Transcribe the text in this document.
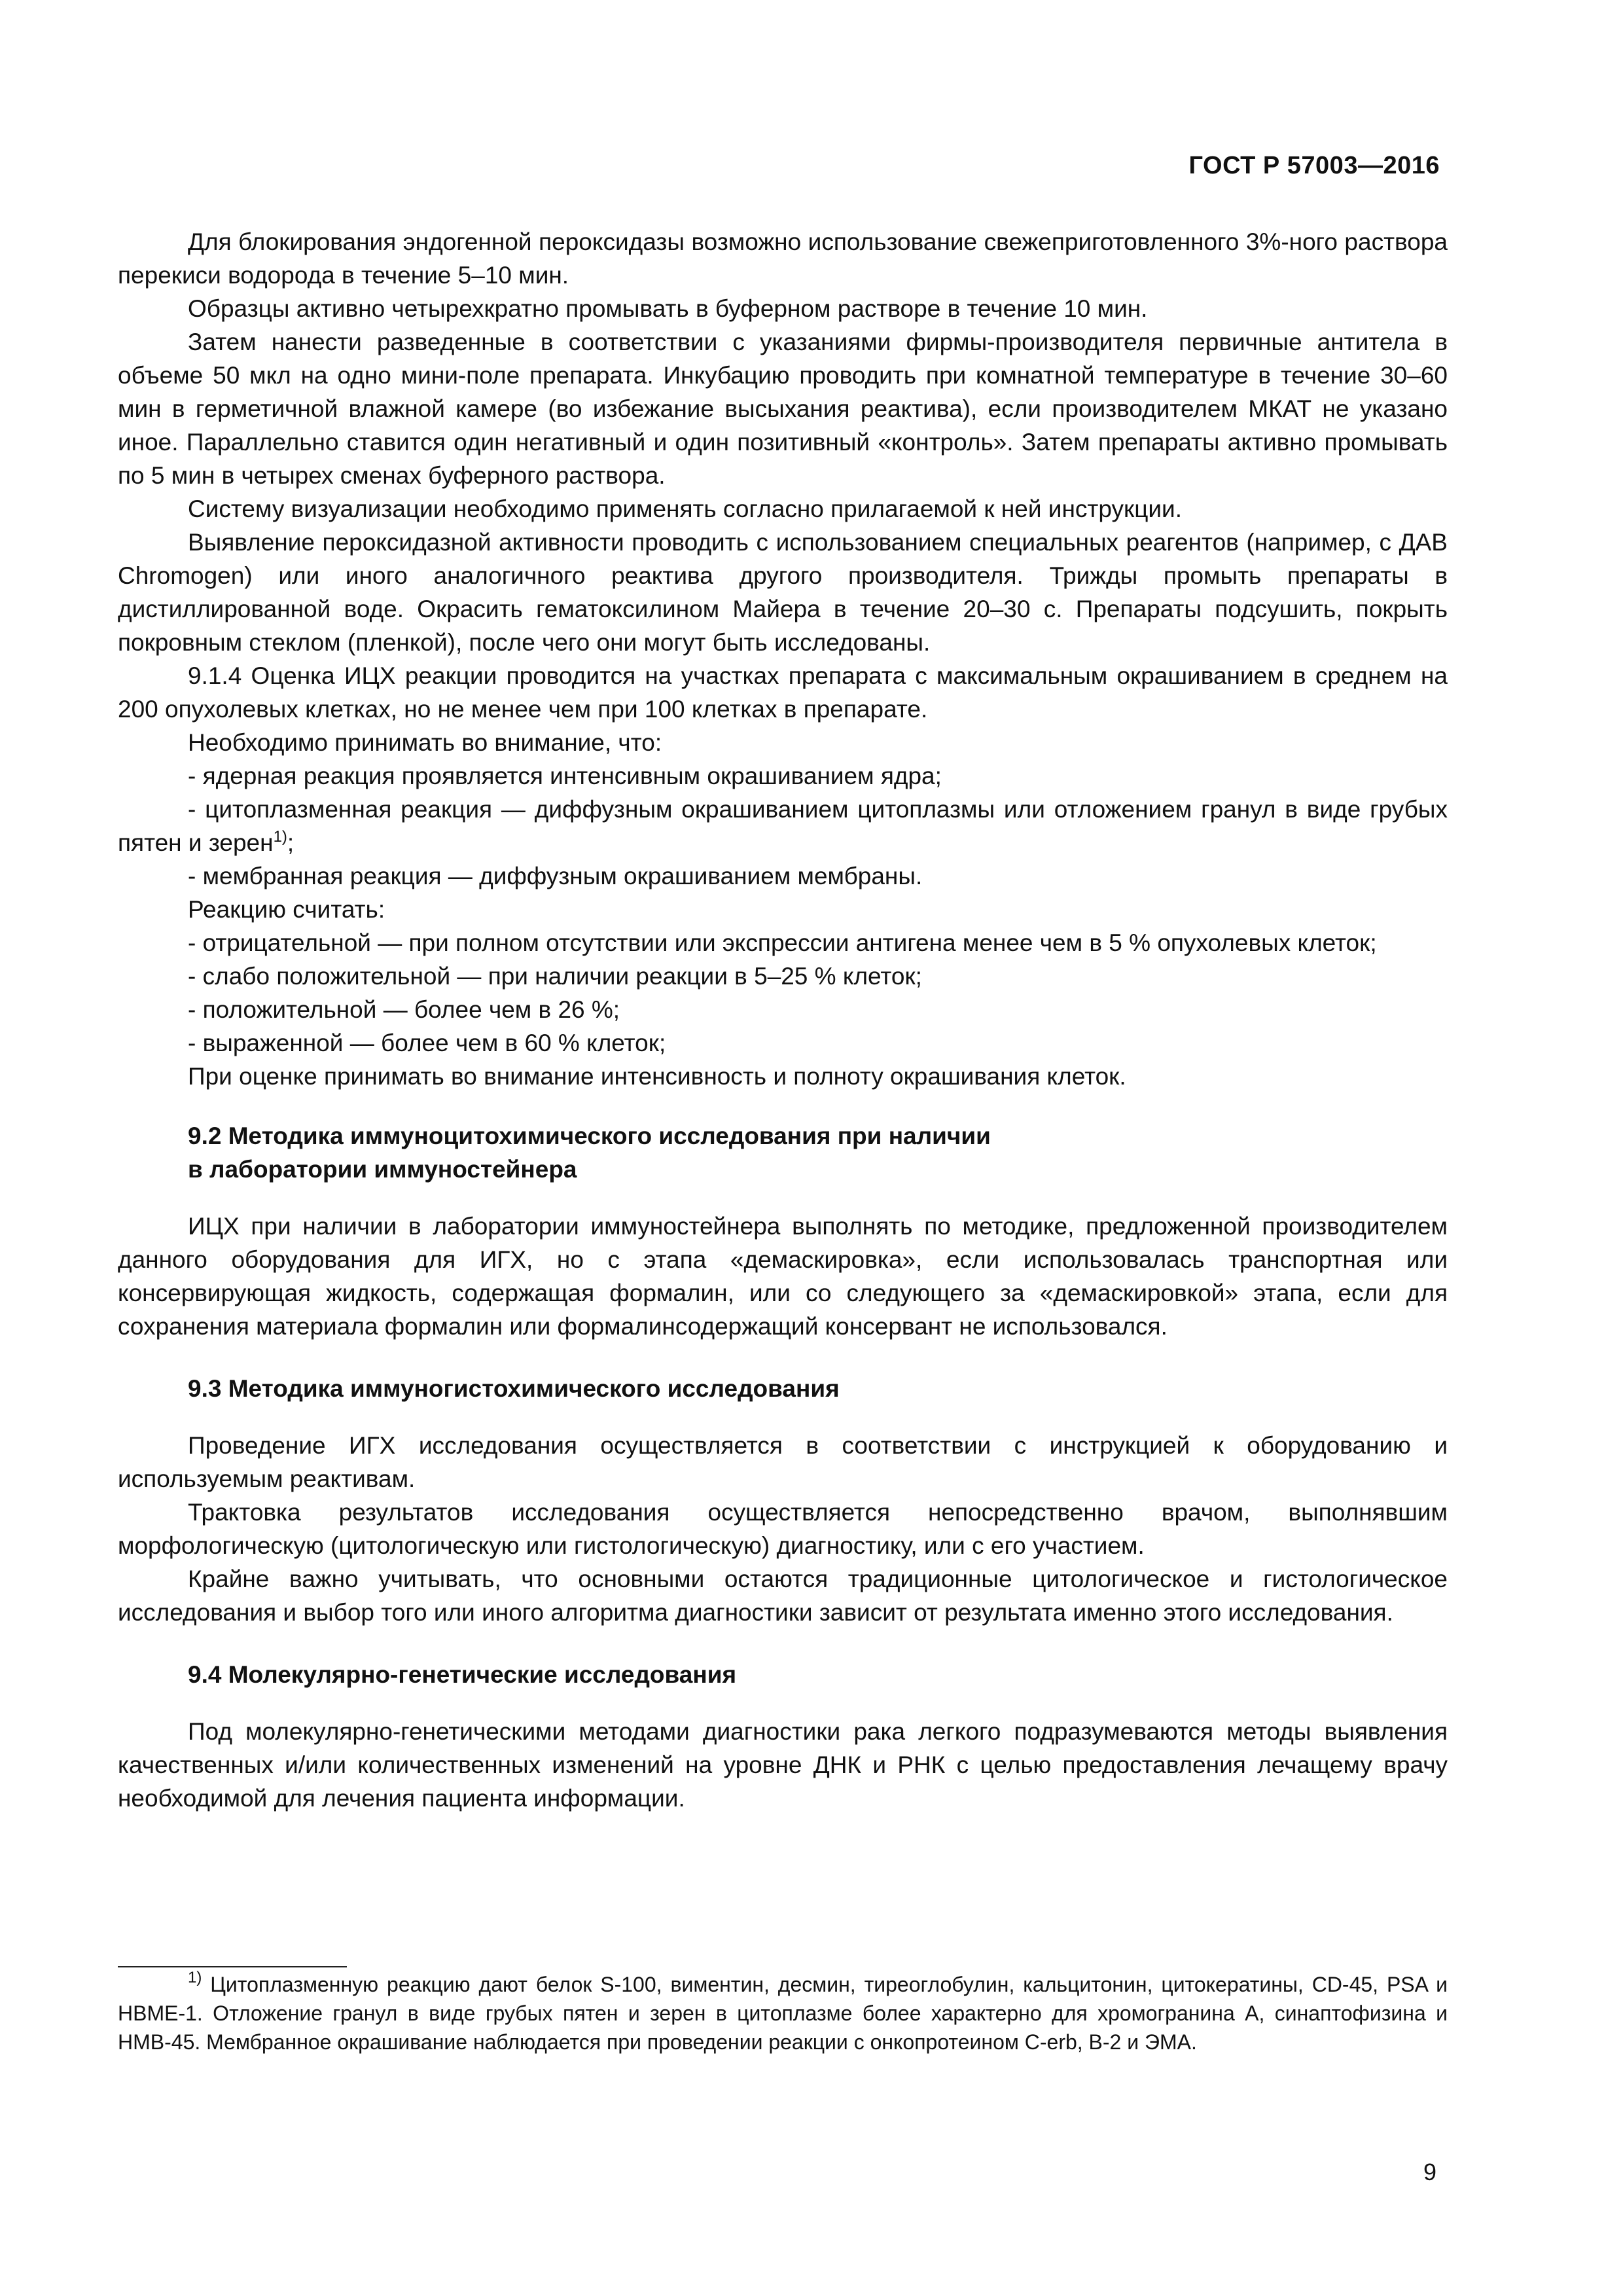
ГОСТ Р 57003—2016

Для блокирования эндогенной пероксидазы возможно использование свежеприготовленного 3%-ного раствора перекиси водорода в течение 5–10 мин.

Образцы активно четырехкратно промывать в буферном растворе в течение 10 мин.

Затем нанести разведенные в соответствии с указаниями фирмы-производителя первичные антитела в объеме 50 мкл на одно мини-поле препарата. Инкубацию проводить при комнатной температуре в течение 30–60 мин в герметичной влажной камере (во избежание высыхания реактива), если производителем МКАТ не указано иное. Параллельно ставится один негативный и один позитивный «контроль». Затем препараты активно промывать по 5 мин в четырех сменах буферного раствора.

Систему визуализации необходимо применять согласно прилагаемой к ней инструкции.

Выявление пероксидазной активности проводить с использованием специальных реагентов (например, с ДАВ Chromogen) или иного аналогичного реактива другого производителя. Трижды промыть препараты в дистиллированной воде. Окрасить гематоксилином Майера в течение 20–30 с. Препараты подсушить, покрыть покровным стеклом (пленкой), после чего они могут быть исследованы.

9.1.4 Оценка ИЦХ реакции проводится на участках препарата с максимальным окрашиванием в среднем на 200 опухолевых клетках, но не менее чем при 100 клетках в препарате.

Необходимо принимать во внимание, что:

- ядерная реакция проявляется интенсивным окрашиванием ядра;

- цитоплазменная реакция — диффузным окрашиванием цитоплазмы или отложением гранул в виде грубых пятен и зерен$^{1)}$;

- мембранная реакция — диффузным окрашиванием мембраны.

Реакцию считать:

- отрицательной — при полном отсутствии или экспрессии антигена менее чем в 5 % опухолевых клеток;

- слабо положительной — при наличии реакции в 5–25 % клеток;

- положительной — более чем в 26 %;

- выраженной — более чем в 60 % клеток;

При оценке принимать во внимание интенсивность и полноту окрашивания клеток.

9.2 Методика иммуноцитохимического исследования при наличии

в лаборатории иммуностейнера

ИЦХ при наличии в лаборатории иммуностейнера выполнять по методике, предложенной производителем данного оборудования для ИГХ, но с этапа «демаскировка», если использовалась транспортная или консервирующая жидкость, содержащая формалин, или со следующего за «демаскировкой» этапа, если для сохранения материала формалин или формалинсодержащий консервант не использовался.

9.3 Методика иммуногистохимического исследования

Проведение ИГХ исследования осуществляется в соответствии с инструкцией к оборудованию и используемым реактивам.

Трактовка результатов исследования осуществляется непосредственно врачом, выполнявшим морфологическую (цитологическую или гистологическую) диагностику, или с его участием.

Крайне важно учитывать, что основными остаются традиционные цитологическое и гистологическое исследования и выбор того или иного алгоритма диагностики зависит от результата именно этого исследования.

9.4 Молекулярно-генетические исследования

Под молекулярно-генетическими методами диагностики рака легкого подразумеваются методы выявления качественных и/или количественных изменений на уровне ДНК и РНК с целью предоставления лечащему врачу необходимой для лечения пациента информации.

$^{1)}$ Цитоплазменную реакцию дают белок S-100, виментин, десмин, тиреоглобулин, кальцитонин, цитокератины, CD-45, PSA и HBME-1. Отложение гранул в виде грубых пятен и зерен в цитоплазме более характерно для хромогранина А, синаптофизина и НМВ-45. Мембранное окрашивание наблюдается при проведении реакции с онкопротеином C-erb, В-2 и ЭМА.

9
